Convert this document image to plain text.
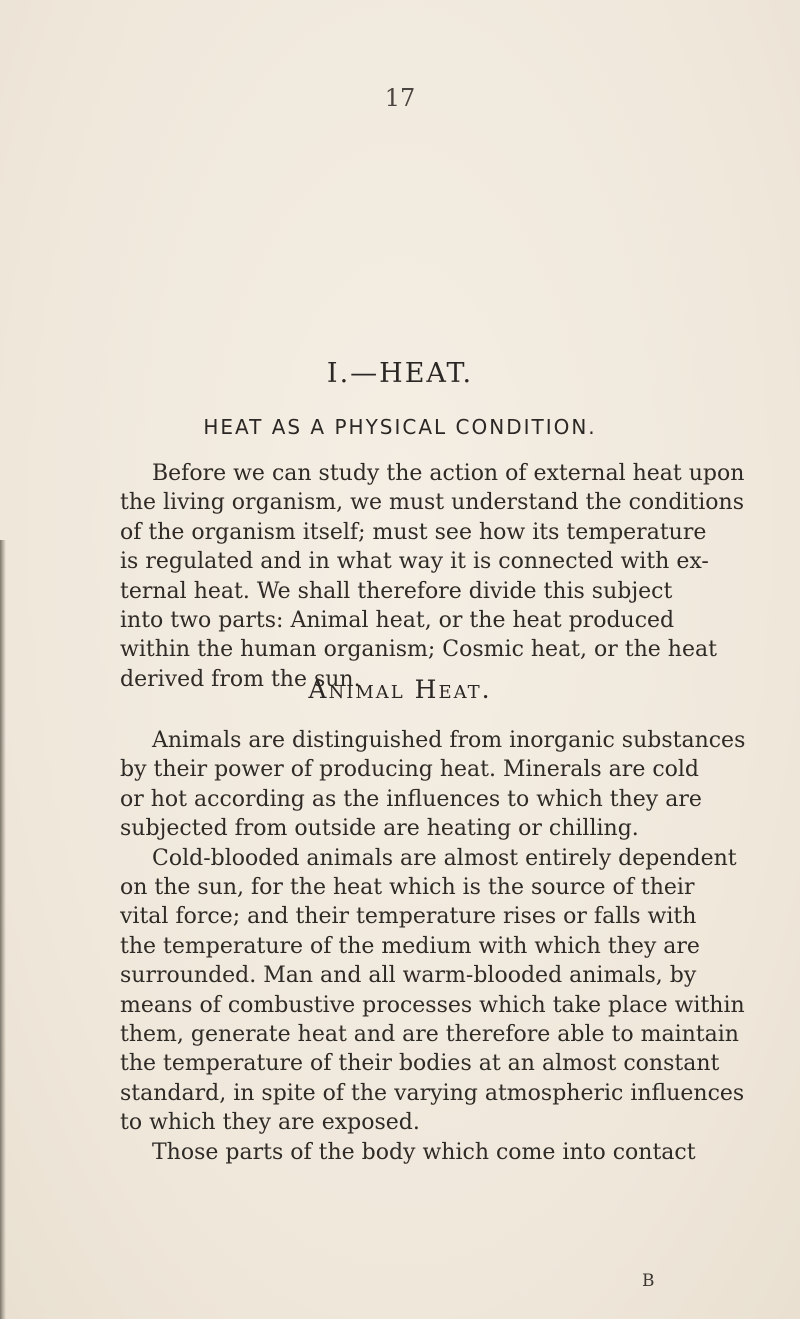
17
I.—HEAT.
HEAT AS A PHYSICAL CONDITION.
Before we can study the action of external heat upon
the living organism, we must understand the conditions
of the organism itself; must see how its temperature
is regulated and in what way it is connected with ex-
ternal heat. We shall therefore divide this subject
into two parts: Animal heat, or the heat produced
within the human organism; Cosmic heat, or the heat
derived from the sun.
Animal Heat.
Animals are distinguished from inorganic substances
by their power of producing heat. Minerals are cold
or hot according as the influences to which they are
subjected from outside are heating or chilling.
Cold-blooded animals are almost entirely dependent
on the sun, for the heat which is the source of their
vital force; and their temperature rises or falls with
the temperature of the medium with which they are
surrounded. Man and all warm-blooded animals, by
means of combustive processes which take place within
them, generate heat and are therefore able to maintain
the temperature of their bodies at an almost constant
standard, in spite of the varying atmospheric influences
to which they are exposed.
Those parts of the body which come into contact
B
